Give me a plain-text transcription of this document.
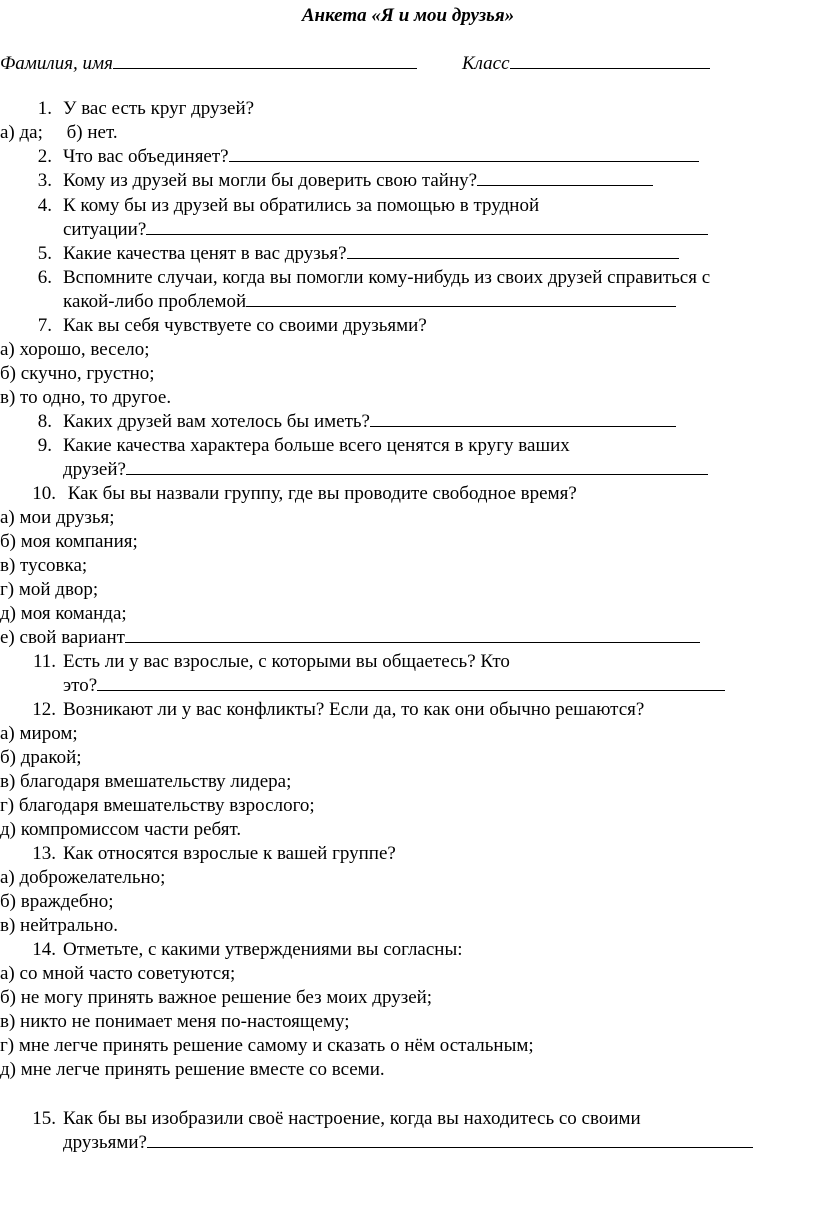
Анкета «Я и мои друзья»
Фамилия, имя	Класс
1. У вас есть круг друзей?
а) да;     б) нет.
2. Что вас объединяет?
3. Кому из друзей вы могли бы доверить свою тайну?
4. К кому бы из друзей вы обратились за помощью в трудной
ситуации?
5. Какие качества ценят в вас друзья?
6. Вспомните случаи, когда вы помогли кому-нибудь из своих друзей справиться с
какой-либо проблемой
7. Как вы себя чувствуете со своими друзьями?
а) хорошо, весело;
б) скучно, грустно;
в) то одно, то другое.
8. Каких друзей вам хотелось бы иметь?
9. Какие качества характера больше всего ценятся в кругу ваших
друзей?
10. Как бы вы назвали группу, где вы проводите свободное время?
а) мои друзья;
б) моя компания;
в) тусовка;
г) мой двор;
д) моя команда;
е) свой вариант
11. Есть ли у вас взрослые, с которыми вы общаетесь? Кто
это?
12. Возникают ли у вас конфликты? Если да, то как они обычно решаются?
а) миром;
б) дракой;
в) благодаря вмешательству лидера;
г) благодаря вмешательству взрослого;
д) компромиссом части ребят.
13. Как относятся взрослые к вашей группе?
а) доброжелательно;
б) враждебно;
в) нейтрально.
14. Отметьте, с какими утверждениями вы согласны:
а) со мной часто советуются;
б) не могу принять важное решение без моих друзей;
в) никто не понимает меня по-настоящему;
г) мне легче принять решение самому и сказать о нём остальным;
д) мне легче принять решение вместе со всеми.
15. Как бы вы изобразили своё настроение, когда вы находитесь со своими
друзьями?
